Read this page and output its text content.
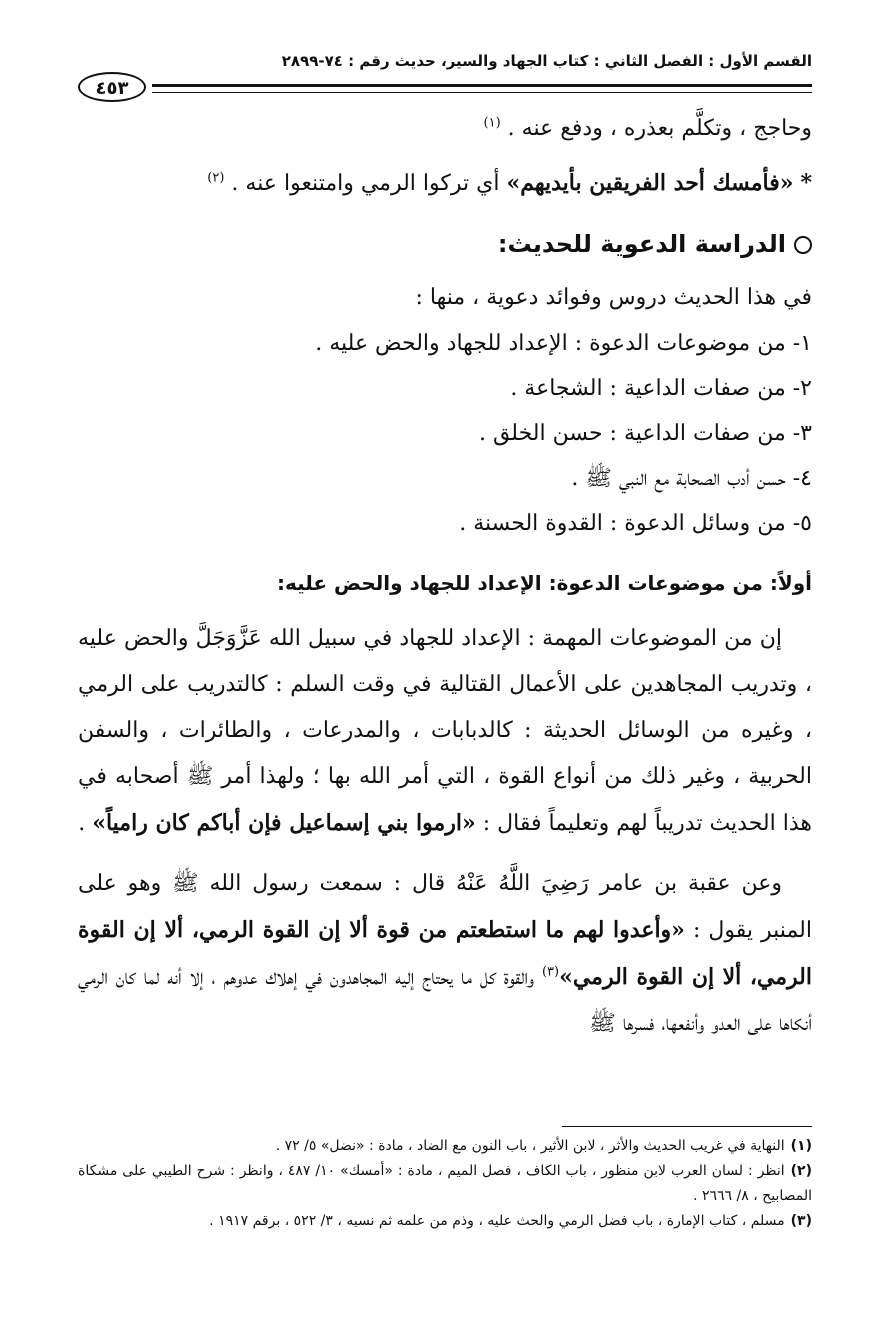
القسم الأول : الفصل الثاني : كتاب الجهاد والسير، حديث رقم : ٧٤-٢٨٩٩
٤٥٣

وحاجج ، وتكلَّم بعذره ، ودفع عنه . $^{(١)}$

* «فأمسك أحد الفريقين بأيديهم» أي تركوا الرمي وامتنعوا عنه . $^{(٢)}$

الدراسة الدعوية للحديث:

في هذا الحديث دروس وفوائد دعوية ، منها :

١- من موضوعات الدعوة : الإعداد للجهاد والحض عليه .
٢- من صفات الداعية : الشجاعة .
٣- من صفات الداعية : حسن الخلق .
٤- حسن أدب الصحابة مع النبي ﷺ .
٥- من وسائل الدعوة : القدوة الحسنة .

أولاً: من موضوعات الدعوة: الإعداد للجهاد والحض عليه:

إن من الموضوعات المهمة : الإعداد للجهاد في سبيل الله عَزَّوَجَلَّ والحض عليه ، وتدريب المجاهدين على الأعمال القتالية في وقت السلم : كالتدريب على الرمي ، وغيره من الوسائل الحديثة : كالدبابات ، والمدرعات ، والطائرات ، والسفن الحربية ، وغير ذلك من أنواع القوة ، التي أمر الله بها ؛ ولهذا أمر ﷺ أصحابه في هذا الحديث تدريباً لهم وتعليماً فقال : «ارموا بني إسماعيل فإن أباكم كان رامياً» .

وعن عقبة بن عامر رَضِيَ اللَّهُ عَنْهُ قال : سمعت رسول الله ﷺ وهو على المنبر يقول : «وأعدوا لهم ما استطعتم من قوة ألا إن القوة الرمي، ألا إن القوة الرمي، ألا إن القوة الرمي»$^{(٣)}$ والقوة كل ما يحتاج إليه المجاهدون في إهلاك عدوهم ، إلا أنه لما كان الرمي أنكاها على العدو وأنفعها، فسرها ﷺ

(١)النهاية في غريب الحديث والأثر ، لابن الأثير ، باب النون مع الضاد ، مادة : «نضل» ٥/ ٧٢ .

(٢)انظر : لسان العرب لابن منظور ، باب الكاف ، فصل الميم ، مادة : «أمسك» ١٠/ ٤٨٧ ، وانظر : شرح الطيبي على مشكاة المصابيح ، ٨/ ٢٦٦٦ .

(٣)مسلم ، كتاب الإمارة ، باب فضل الرمي والحث عليه ، وذم من علمه ثم نسيه ، ٣/ ٥٢٢ ، برقم ١٩١٧ .
